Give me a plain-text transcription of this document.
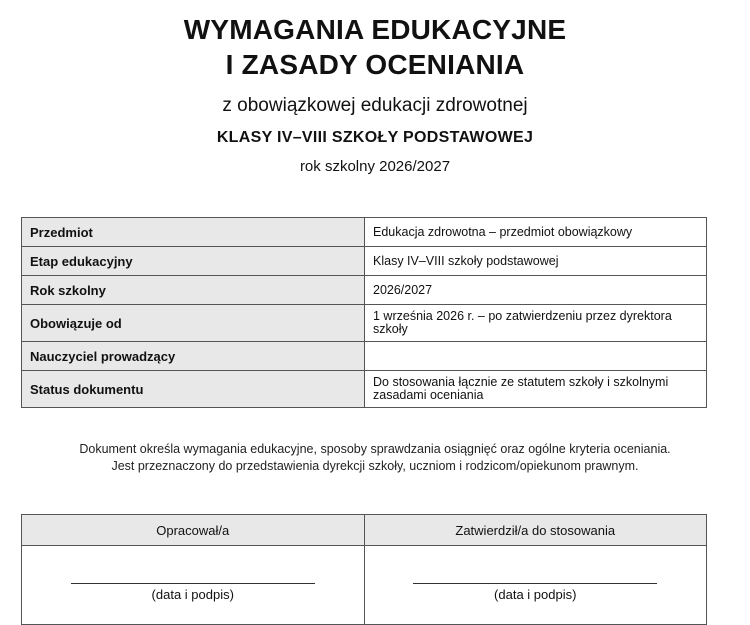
WYMAGANIA EDUKACYJNE
I ZASADY OCENIANIA
z obowiązkowej edukacji zdrowotnej
KLASY IV–VIII SZKOŁY PODSTAWOWEJ
rok szkolny 2026/2027
Przedmiot	Edukacja zdrowotna – przedmiot obowiązkowy
Etap edukacyjny	Klasy IV–VIII szkoły podstawowej
Rok szkolny	2026/2027
Obowiązuje od	1 września 2026 r. – po zatwierdzeniu przez dyrektora szkoły
Nauczyciel prowadzący	
Status dokumentu	Do stosowania łącznie ze statutem szkoły i szkolnymi zasadami oceniania
Dokument określa wymagania edukacyjne, sposoby sprawdzania osiągnięć oraz ogólne kryteria oceniania.
Jest przeznaczony do przedstawienia dyrekcji szkoły, uczniom i rodzicom/opiekunom prawnym.
Opracował/a	Zatwierdził/a do stosowania

(data i podpis)	(data i podpis)
